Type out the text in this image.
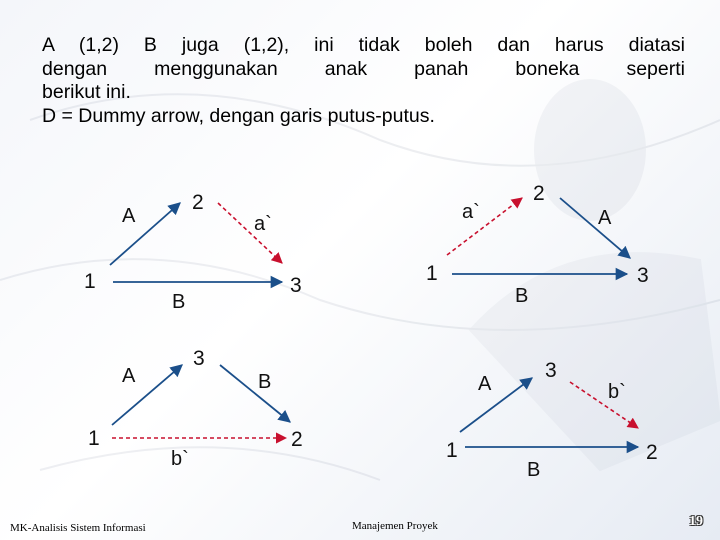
A (1,2) B juga (1,2), ini tidak boleh dan harus diatasi
dengan menggunakan anak panah boneka seperti
berikut ini.
D = Dummy arrow, dengan garis putus-putus.
A
2
a`
1	3
B
a`
2
A
1
B
3
A
3
1
b`
B
2
A
3
b`
1
B
2
MK-Analisis Sistem Informasi	Manajemen Proyek	19
